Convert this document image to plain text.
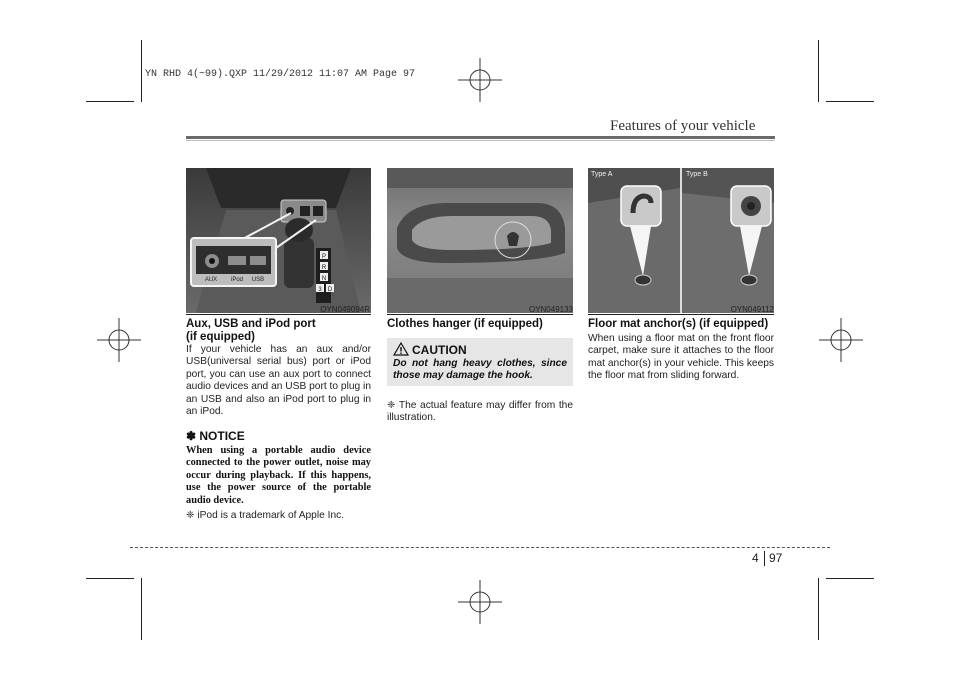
YN RHD 4(~99).QXP 11/29/2012 11:07 AM Page 97
Features of your vehicle
AUX iPod USB
P
R
N
3 D
OYN049094R
Aux, USB and iPod port
(if equipped)

If your vehicle has an aux and/or USB(universal serial bus) port or iPod port, you can use an aux port to connect audio devices and an USB port to plug in an USB and also an iPod port to plug in an iPod.

✽ NOTICE

When using a portable audio device connected to the power outlet, noise may occur during playback. If this happens, use the power source of the portable audio device.

❈ iPod is a trademark of Apple Inc.

OYN049133
Clothes hanger (if equipped)
CAUTION

Do not hang heavy clothes, since those may damage the hook.

❈ The actual feature may differ from the illustration.

Type A	Type B
OYN049112
Floor mat anchor(s) (if equipped)

When using a floor mat on the front floor carpet, make sure it attaches to the floor mat anchor(s) in your vehicle. This keeps the floor mat from sliding forward.

4 97
